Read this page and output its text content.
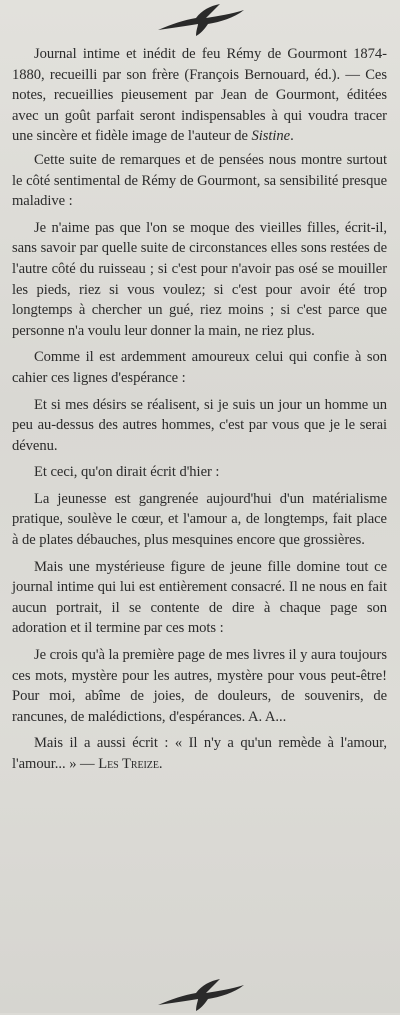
Journal intime et inédit de feu Rémy de Gourmont 1874-1880, recueilli par son frère (François Bernouard, éd.). — Ces notes, recueillies pieusement par Jean de Gourmont, éditées avec un goût parfait seront indispensables à qui voudra tracer une sincère et fidèle image de l'auteur de Sistine.

Cette suite de remarques et de pensées nous montre surtout le côté sentimental de Rémy de Gourmont, sa sensibilité presque maladive :

Je n'aime pas que l'on se moque des vieilles filles, écrit-il, sans savoir par quelle suite de circonstances elles sons restées de l'autre côté du ruisseau ; si c'est pour n'avoir pas osé se mouiller les pieds, riez si vous voulez; si c'est pour avoir été trop longtemps à chercher un gué, riez moins ; si c'est parce que personne n'a voulu leur donner la main, ne riez plus.

Comme il est ardemment amoureux celui qui confie à son cahier ces lignes d'espérance :

Et si mes désirs se réalisent, si je suis un jour un homme un peu au-dessus des autres hommes, c'est par vous que je le serai dévenu.

Et ceci, qu'on dirait écrit d'hier :

La jeunesse est gangrenée aujourd'hui d'un matérialisme pratique, soulève le cœur, et l'amour a, de longtemps, fait place à de plates débauches, plus mesquines encore que grossières.

Mais une mystérieuse figure de jeune fille domine tout ce journal intime qui lui est entièrement consacré. Il ne nous en fait aucun portrait, il se contente de dire à chaque page son adoration et il termine par ces mots :

Je crois qu'à la première page de mes livres il y aura toujours ces mots, mystère pour les autres, mystère pour vous peut-être! Pour moi, abîme de joies, de douleurs, de souvenirs, de rancunes, de malédictions, d'espérances. A. A...

Mais il a aussi écrit : « Il n'y a qu'un remède à l'amour, l'amour... » — Les Treize.
